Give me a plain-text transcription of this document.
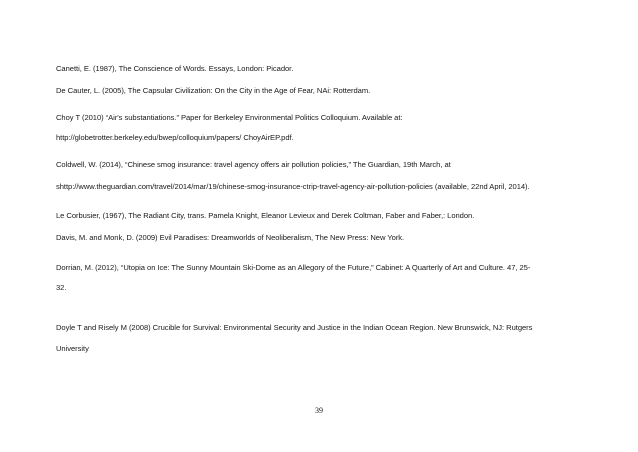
Canetti, E. (1987), The Conscience of Words. Essays, London: Picador.
De Cauter, L. (2005), The Capsular Civilization: On the City in the Age of Fear, NAi: Rotterdam.
Choy T (2010) “Air's substantiations.” Paper for Berkeley Environmental Politics Colloquium. Available at:
http://globetrotter.berkeley.edu/bwep/colloquium/papers/ ChoyAirEP.pdf.
Coldwell, W. (2014), “Chinese smog insurance: travel agency offers air pollution policies,” The Guardian, 19th March, at
shttp://www.theguardian.com/travel/2014/mar/19/chinese-smog-insurance-ctrip-travel-agency-air-pollution-policies (available, 22nd April, 2014).
Le Corbusier, (1967), The Radiant City, trans. Pamela Knight, Eleanor Levieux and Derek Coltman, Faber and Faber,: London.
Davis, M. and Monk, D. (2009) Evil Paradises: Dreamworlds of Neoliberalism, The New Press: New York.
Dorrian, M. (2012), “Utopia on Ice: The Sunny Mountain Ski-Dome as an Allegory of the Future,” Cabinet: A Quarterly of Art and Culture. 47, 25-
32.
Doyle T and Risely M (2008) Crucible for Survival: Environmental Security and Justice in the Indian Ocean Region. New Brunswick, NJ: Rutgers
University
39
